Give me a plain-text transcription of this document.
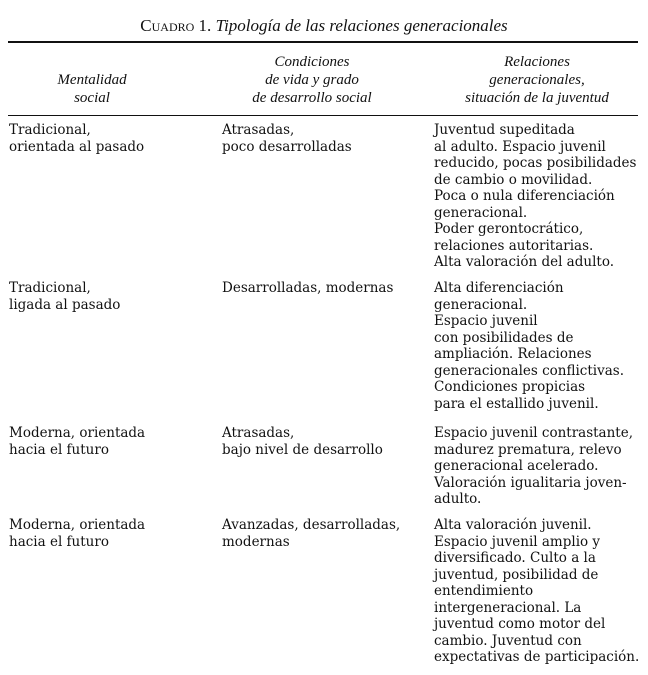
Cuadro 1. Tipología de las relaciones generacionales
Mentalidad
social
Condiciones
de vida y grado
de desarrollo social
Relaciones
generacionales,
situación de la juventud
Tradicional,
orientada al pasado
Atrasadas,
poco desarrolladas
Juventud supeditada
al adulto. Espacio juvenil
reducido, pocas posibilidades
de cambio o movilidad.
Poca o nula diferenciación
generacional.
Poder gerontocrático,
relaciones autoritarias.
Alta valoración del adulto.
Tradicional,
ligada al pasado
Desarrolladas, modernas	Alta diferenciación
generacional.
Espacio juvenil
con posibilidades de
ampliación. Relaciones
generacionales conflictivas.
Condiciones propicias
para el estallido juvenil.
Moderna, orientada
hacia el futuro
Atrasadas,
bajo nivel de desarrollo
Espacio juvenil contrastante,
madurez prematura, relevo
generacional acelerado.
Valoración igualitaria joven-
adulto.
Moderna, orientada
hacia el futuro
Avanzadas, desarrolladas,
modernas
Alta valoración juvenil.
Espacio juvenil amplio y
diversificado. Culto a la
juventud, posibilidad de
entendimiento
intergeneracional. La
juventud como motor del
cambio. Juventud con
expectativas de participación.
